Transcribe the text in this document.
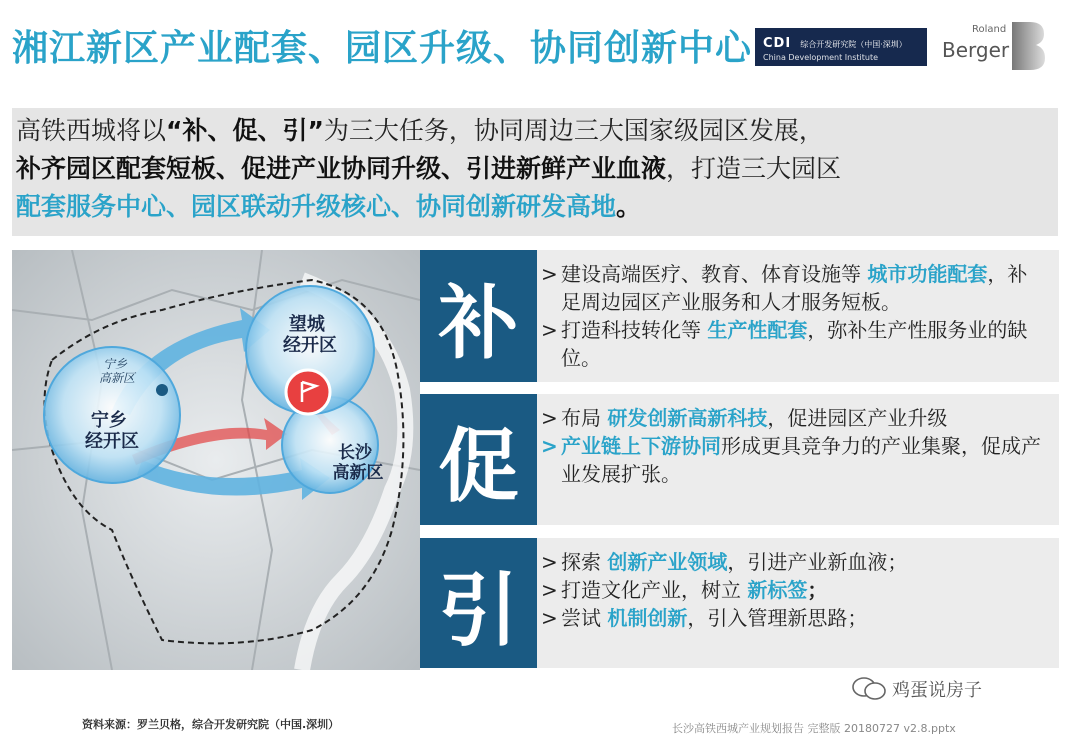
湘江新区产业配套、园区升级、协同创新中心 CDI 综合开发研究院（中国·深圳）
China Development Institute
Roland
Berger
高铁西城将以“补、促、引”为三大任务，协同周边三大国家级园区发展，
补齐园区配套短板、促进产业协同升级、引进新鲜产业血液，打造三大园区
配套服务中心、园区联动升级核心、协同创新研发高地。
宁乡 高新区
宁乡 经开区
望城 经开区
长沙 高新区
补
> 建设高端医疗、教育、体育设施等 城市功能配套，补足周边园区产业服务和人才服务短板。
> 打造科技转化等 生产性配套，弥补生产性服务业的缺位。
促
> 布局 研发创新高新科技，促进园区产业升级
> 产业链上下游协同形成更具竞争力的产业集聚，促成产业发展扩张。
引
> 探索 创新产业领域，引进产业新血液；
> 打造文化产业，树立 新标签；
> 尝试 机制创新，引入管理新思路；
鸡蛋说房子
资料来源：罗兰贝格，综合开发研究院（中国.深圳）	长沙高铁西城产业规划报告 完整版 20180727 v2.8.pptx
